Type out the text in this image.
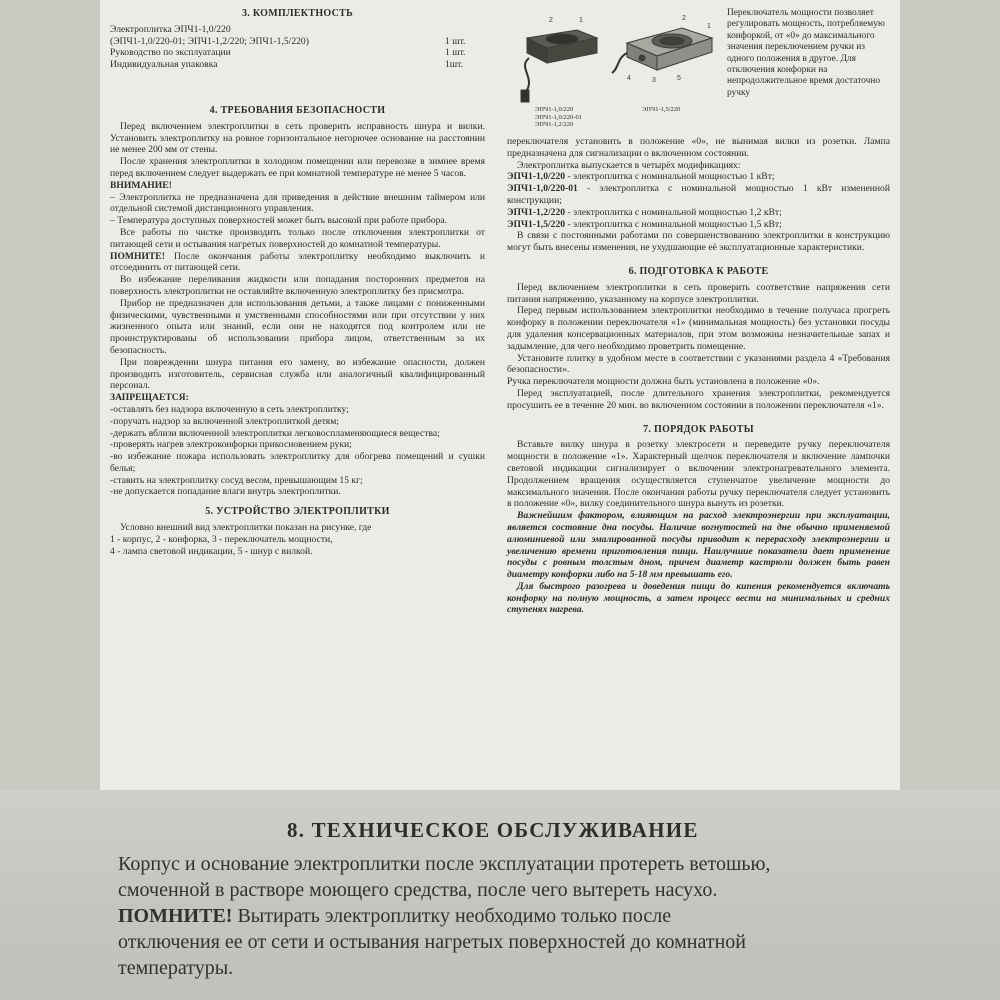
3. КОМПЛЕКТНОСТЬ
Электроплитка ЭПЧ1-1,0/220	
(ЭПЧ1-1,0/220-01; ЭПЧ1-1,2/220; ЭПЧ1-1,5/220)	1 шт.
Руководство по эксплуатации	1 шт.
Индивидуальная упаковка	1шт.
4. ТРЕБОВАНИЯ БЕЗОПАСНОСТИ

Перед включением электроплитки в сеть проверить исправность шнура и вилки. Установить электроплитку на ровное горизонтальное негорючее основание на расстоянии не менее 200 мм от стены.

После хранения электроплитки в холодном помещении или перевозке в зимнее время перед включением следует выдержать ее при комнатной температуре не менее 5 часов.

ВНИМАНИЕ!

– Электроплитка не предназначена для приведения в действие внешним таймером или отдельной системой дистанционного управления.

– Температура доступных поверхностей может быть высокой при работе прибора.

Все работы по чистке производить только после отключения электроплитки от питающей сети и остывания нагретых поверхностей до комнатной температуры.

ПОМНИТЕ! После окончания работы электроплитку необходимо выключить и отсоединить от питающей сети.

Во избежание переливания жидкости или попадания посторонних предметов на поверхность электроплитки не оставляйте включенную электроплитку без присмотра.

Прибор не предназначен для использования детьми, а также лицами с пониженными физическими, чувственными и умственными способностями или при отсутствии у них жизненного опыта или знаний, если они не находятся под контролем или не проинструктированы об использовании прибора лицом, ответственным за их безопасность.

При повреждении шнура питания его замену, во избежание опасности, должен производить изготовитель, сервисная служба или аналогичный квалифицированный персонал.

ЗАПРЕЩАЕТСЯ:

-оставлять без надзора включенную в сеть электроплитку;

-поручать надзор за включенной электроплиткой детям;

-держать вблизи включенной электроплитки легковоспламеняющиеся вещества;

-проверять нагрев электроконфорки прикосновением руки;

-во избежание пожара использовать электроплитку для обогрева помещений и сушки белья;

-ставить на электроплитку сосуд весом, превышающим 15 кг;

-не допускается попадание влаги внутрь электроплитки.

5. УСТРОЙСТВО ЭЛЕКТРОПЛИТКИ

Условно внешний вид электроплитки показан на рисунке, где

1 - корпус, 2 - конфорка, 3 - переключатель мощности,

4 - лампа световой индикации, 5 - шнур с вилкой.

2	1	2
1
4	3	5
ЭПЧ1-1,0/220
ЭПЧ1-1,0/220-01
ЭПЧ1-1,2/220
ЭПЧ1-1,5/220
Переключатель мощности позволяет регулировать мощность, потребляемую конфоркой, от «0» до максимального значения переключением ручки из одного положения в другое. Для отключения конфорки на непродолжительное время достаточно ручку

переключателя установить в положение «0», не вынимая вилки из розетки. Лампа предназначена для сигнализации о включенном состоянии.

Электроплитка выпускается в четырёх модификациях:

ЭПЧ1-1,0/220 - электроплитка с номинальной мощностью 1 кВт;

ЭПЧ1-1,0/220-01 - электроплитка с номинальной мощностью 1 кВт измененной конструкции;

ЭПЧ1-1,2/220 - электроплитка с номинальной мощностью 1,2 кВт;

ЭПЧ1-1,5/220 - электроплитка с номинальной мощностью 1,5 кВт;

В связи с постоянными работами по совершенствованию электроплитки в конструкцию могут быть внесены изменения, не ухудшающие её эксплуатационные характеристики.

6. ПОДГОТОВКА К РАБОТЕ

Перед включением электроплитки в сеть проверить соответствие напряжения сети питания напряжению, указанному на корпусе электроплитки.

Перед первым использованием электроплитки необходимо в течение получаса прогреть конфорку в положении переключателя «1» (минимальная мощность) без установки посуды для удаления консервационных материалов, при этом возможны незначительные запах и задымление, для чего необходимо проветрить помещение.

Установите плитку в удобном месте в соответствии с указаниями раздела 4 «Требования безопасности».

Ручка переключателя мощности должна быть установлена в положение «0».

Перед эксплуатацией, после длительного хранения электроплитки, рекомендуется просушить ее в течение 20 мин. во включенном состоянии в положении переключателя «1».

7. ПОРЯДОК РАБОТЫ

Вставьте вилку шнура в розетку электросети и переведите ручку переключателя мощности в положение «1». Характерный щелчок переключателя и включение лампочки световой индикации сигнализирует о включении электронагревательного элемента. Продолжением вращения осуществляется ступенчатое увеличение мощности до максимального значения. После окончания работы ручку переключателя следует установить в положение «0», вилку соединительного шнура вынуть из розетки.

Важнейшим фактором, влияющим на расход электроэнергии при эксплуатации, является состояние дна посуды. Наличие вогнутостей на дне обычно применяемой алюминиевой или эмалированной посуды приводит к перерасходу электроэнергии и увеличению времени приготовления пищи. Наилучшие показатели дает применение посуды с ровным толстым дном, причем диаметр кастрюли должен быть равен диаметру конфорки либо на 5-18 мм превышать его.

Для быстрого разогрева и доведения пищи до кипения рекомендуется включать конфорку на полную мощность, а затем процесс вести на минимальных и средних ступенях нагрева.

8. ТЕХНИЧЕСКОЕ ОБСЛУЖИВАНИЕ
Корпус и основание электроплитки после эксплуатации протереть ветошью,
смоченной в растворе моющего средства, после чего вытереть насухо.
ПОМНИТЕ! Вытирать электроплитку необходимо только после
отключения ее от сети и остывания нагретых поверхностей до комнатной
температуры.
